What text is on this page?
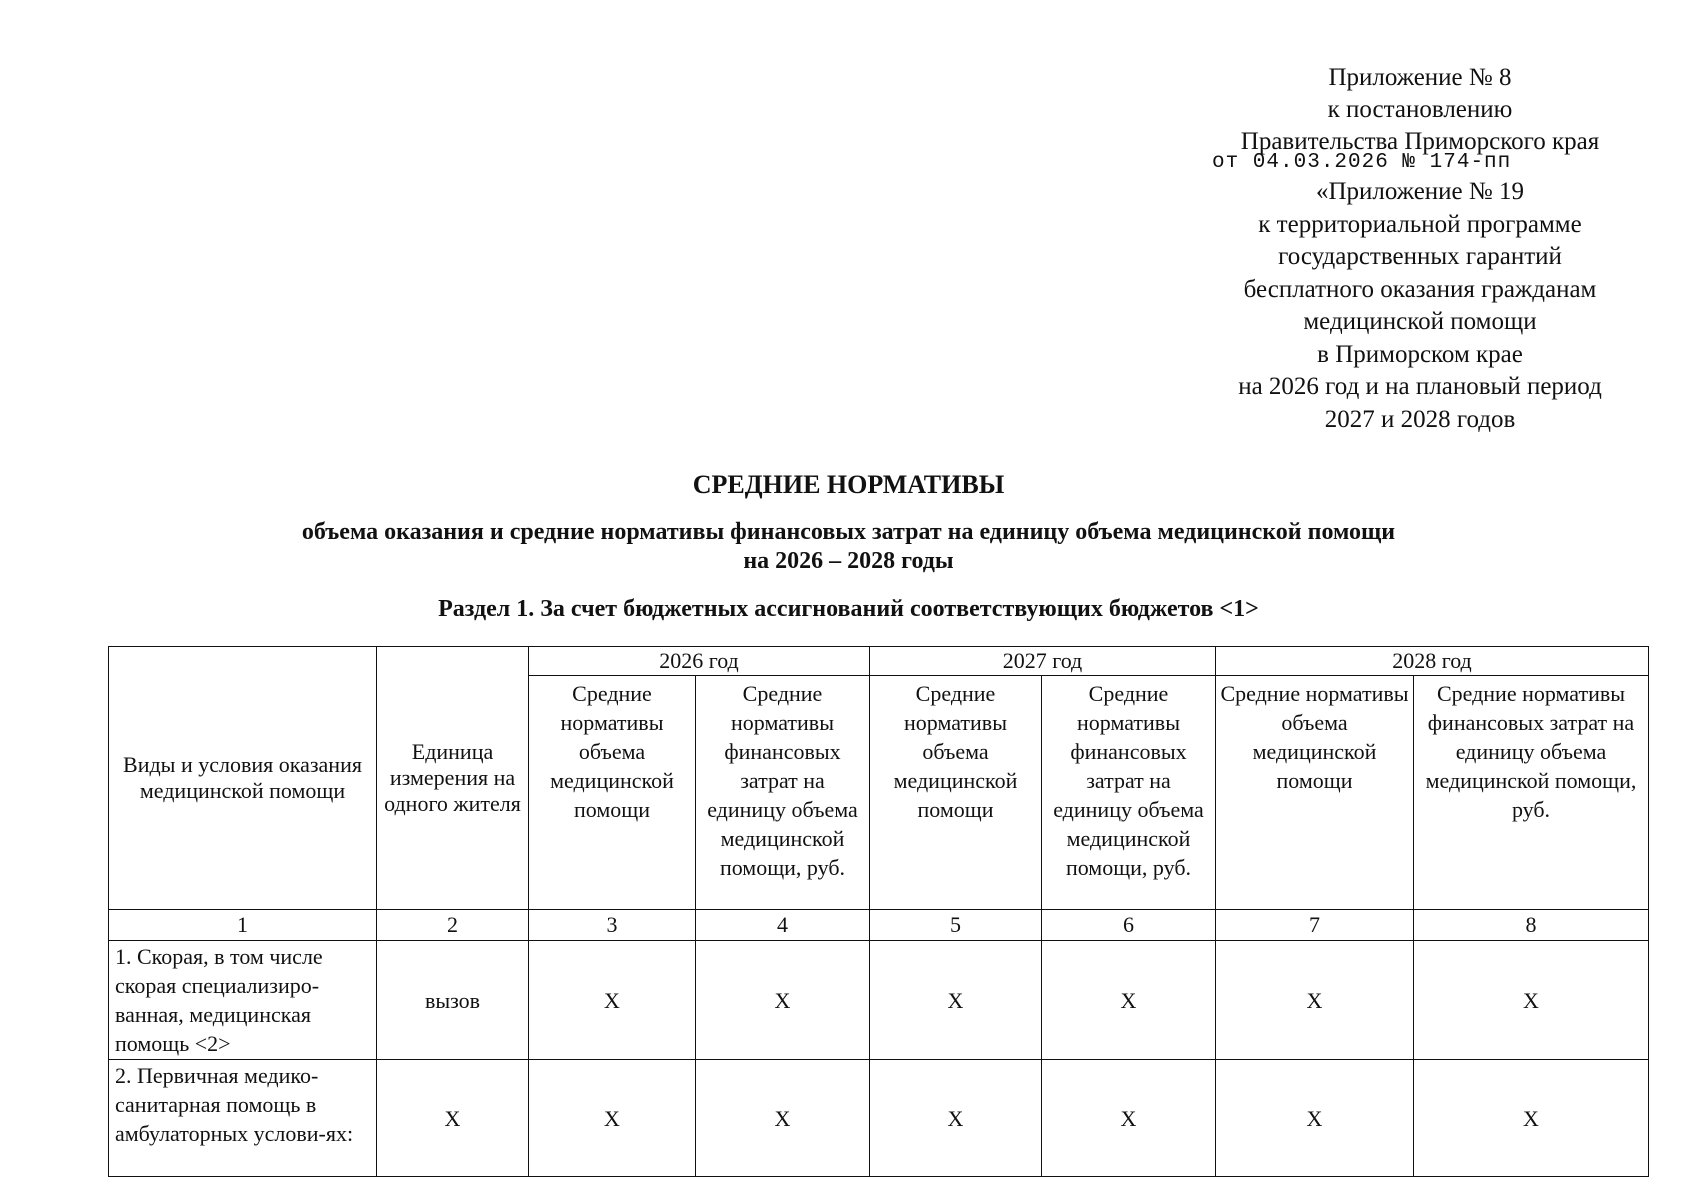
Приложение № 8
к постановлению
Правительства Приморского края
от 04.03.2026 № 174-пп
«Приложение № 19
к территориальной программе
государственных гарантий
бесплатного оказания гражданам
медицинской помощи
в Приморском крае
на 2026 год и на плановый период
2027 и 2028 годов
СРЕДНИЕ НОРМАТИВЫ
объема оказания и средние нормативы финансовых затрат на единицу объема медицинской помощи
на 2026 – 2028 годы
Раздел 1. За счет бюджетных ассигнований соответствующих бюджетов <1>
Виды и условия оказания медицинской помощи	Единица измерения на одного жителя	2026 год		2027 год		2028 год	
		Средние нормативы объема медицинской помощи	Средние нормативы финансовых затрат на единицу объема медицинской помощи, руб.	Средние нормативы объема медицинской помощи	Средние нормативы финансовых затрат на единицу объема медицинской помощи, руб.	Средние нормативы объема медицинской помощи	Средние нормативы финансовых затрат на единицу объема медицинской помощи, руб.
1	2	3	4	5	6	7	8
1. Скорая, в том числе скорая специализиро-ванная, медицинская помощь <2>	вызов	X	X	X	X	X	X
2. Первичная медико-санитарная помощь в амбулаторных услови-ях:	X	X	X	X	X	X	X
